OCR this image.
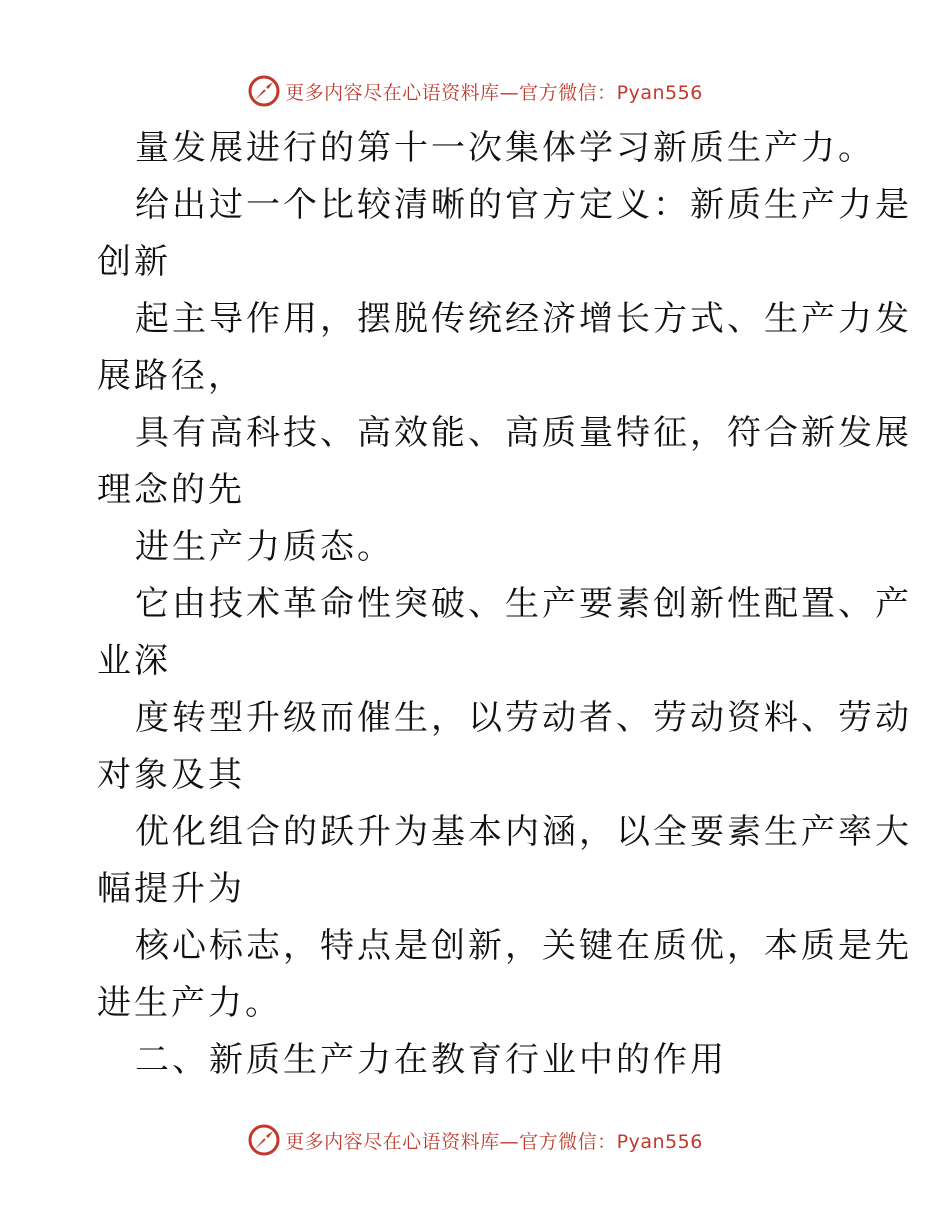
更多内容尽在心语资料库—官方微信：Pyan556
量发展进行的第十一次集体学习新质生产力。
给出过一个比较清晰的官方定义：新质生产力是
创新
起主导作用，摆脱传统经济增长方式、生产力发
展路径，
具有高科技、高效能、高质量特征，符合新发展
理念的先
进生产力质态。
它由技术革命性突破、生产要素创新性配置、产
业深
度转型升级而催生，以劳动者、劳动资料、劳动
对象及其
优化组合的跃升为基本内涵，以全要素生产率大
幅提升为
核心标志，特点是创新，关键在质优，本质是先
进生产力。
二、新质生产力在教育行业中的作用
更多内容尽在心语资料库—官方微信：Pyan556
